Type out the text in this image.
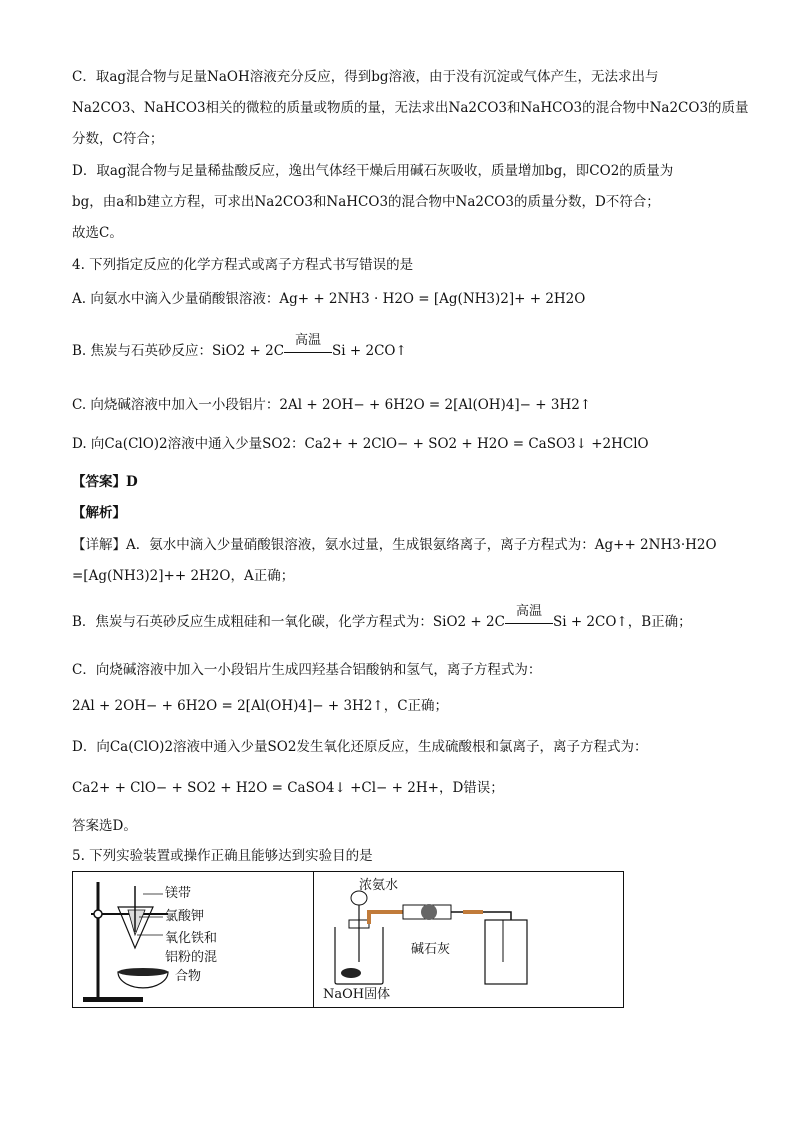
C．取ag混合物与足量NaOH溶液充分反应，得到bg溶液，由于没有沉淀或气体产生，无法求出与
Na2CO3、NaHCO3相关的微粒的质量或物质的量，无法求出Na2CO3和NaHCO3的混合物中Na2CO3的质量
分数，C符合；
D．取ag混合物与足量稀盐酸反应，逸出气体经干燥后用碱石灰吸收，质量增加bg，即CO2的质量为
bg，由a和b建立方程，可求出Na2CO3和NaHCO3的混合物中Na2CO3的质量分数，D不符合；
故选C。
4. 下列指定反应的化学方程式或离子方程式书写错误的是
A. 向氨水中滴入少量硝酸银溶液：Ag+ + 2NH3 · H2O = [Ag(NH3)2]+ + 2H2O
B. 焦炭与石英砂反应：SiO2 + 2C
高温
Si + 2CO↑
C. 向烧碱溶液中加入一小段铝片：2Al + 2OH− + 6H2O = 2[Al(OH)4]− + 3H2↑
D. 向Ca(ClO)2溶液中通入少量SO2：Ca2+ + 2ClO− + SO2 + H2O = CaSO3↓ +2HClO
【答案】D
【解析】
【详解】A．氨水中滴入少量硝酸银溶液，氨水过量，生成银氨络离子，离子方程式为：Ag++ 2NH3·H2O
=[Ag(NH3)2]++ 2H2O，A正确；
B．焦炭与石英砂反应生成粗硅和一氧化碳，化学方程式为：SiO2 + 2C
高温
Si + 2CO↑，B正确；
C．向烧碱溶液中加入一小段铝片生成四羟基合铝酸钠和氢气，离子方程式为：
2Al + 2OH− + 6H2O = 2[Al(OH)4]− + 3H2↑，C正确；
D．向Ca(ClO)2溶液中通入少量SO2发生氧化还原反应，生成硫酸根和氯离子，离子方程式为：
Ca2+ + ClO− + SO2 + H2O = CaSO4↓ +Cl− + 2H+，D错误；
答案选D。
5. 下列实验装置或操作正确且能够达到实验目的是
镁带
氯酸钾
氧化铁和
铝粉的混
合物
浓氨水
碱石灰
NaOH固体
